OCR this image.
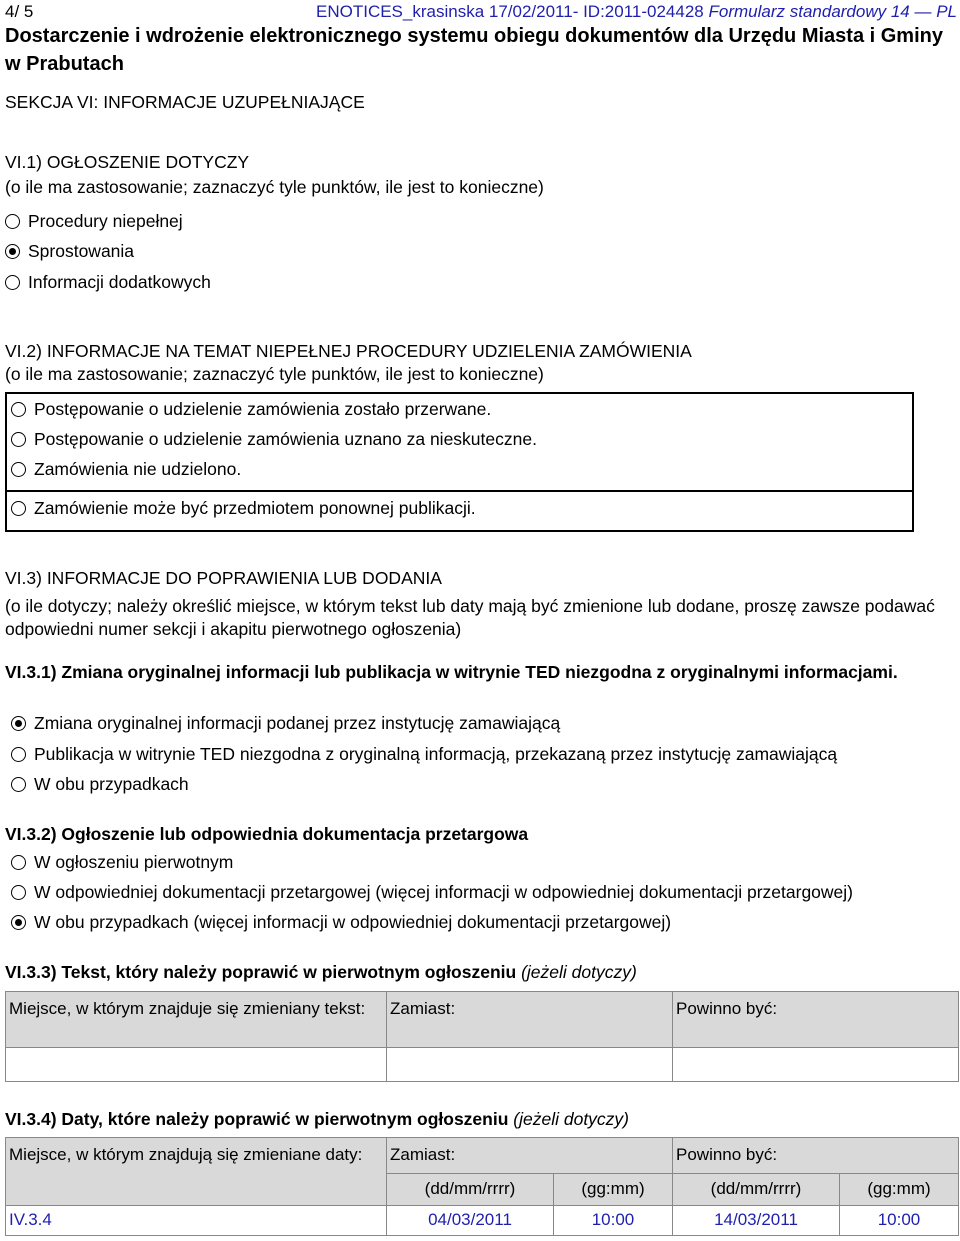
4/ 5	ENOTICES_krasinska 17/02/2011- ID:2011-024428 Formularz standardowy 14 — PL
Dostarczenie i wdrożenie elektronicznego systemu obiegu dokumentów dla Urzędu Miasta i Gminy w Prabutach
SEKCJA VI: INFORMACJE UZUPEŁNIAJĄCE
VI.1) OGŁOSZENIE DOTYCZY
(o ile ma zastosowanie; zaznaczyć tyle punktów, ile jest to konieczne)
Procedury niepełnej
Sprostowania
Informacji dodatkowych
VI.2) INFORMACJE NA TEMAT NIEPEŁNEJ PROCEDURY UDZIELENIA ZAMÓWIENIA
(o ile ma zastosowanie; zaznaczyć tyle punktów, ile jest to konieczne)
Postępowanie o udzielenie zamówienia zostało przerwane.
Postępowanie o udzielenie zamówienia uznano za nieskuteczne.
Zamówienia nie udzielono.
Zamówienie może być przedmiotem ponownej publikacji.
VI.3) INFORMACJE DO POPRAWIENIA LUB DODANIA
(o ile dotyczy; należy określić miejsce, w którym tekst lub daty mają być zmienione lub dodane, proszę zawsze podawać odpowiedni numer sekcji i akapitu pierwotnego ogłoszenia)
VI.3.1) Zmiana oryginalnej informacji lub publikacja w witrynie TED niezgodna z oryginalnymi informacjami.
Zmiana oryginalnej informacji podanej przez instytucję zamawiającą
Publikacja w witrynie TED niezgodna z oryginalną informacją, przekazaną przez instytucję zamawiającą
W obu przypadkach
VI.3.2) Ogłoszenie lub odpowiednia dokumentacja przetargowa
W ogłoszeniu pierwotnym
W odpowiedniej dokumentacji przetargowej (więcej informacji w odpowiedniej dokumentacji przetargowej)
W obu przypadkach (więcej informacji w odpowiedniej dokumentacji przetargowej)
VI.3.3) Tekst, który należy poprawić w pierwotnym ogłoszeniu (jeżeli dotyczy)
Miejsce, w którym znajduje się zmieniany tekst:	Zamiast:	Powinno być:

VI.3.4) Daty, które należy poprawić w pierwotnym ogłoszeniu (jeżeli dotyczy)
Miejsce, w którym znajdują się zmieniane daty:	Zamiast:		Powinno być:	
	(dd/mm/rrrr)	(gg:mm)	(dd/mm/rrrr)	(gg:mm)
IV.3.4	04/03/2011	10:00	14/03/2011	10:00
